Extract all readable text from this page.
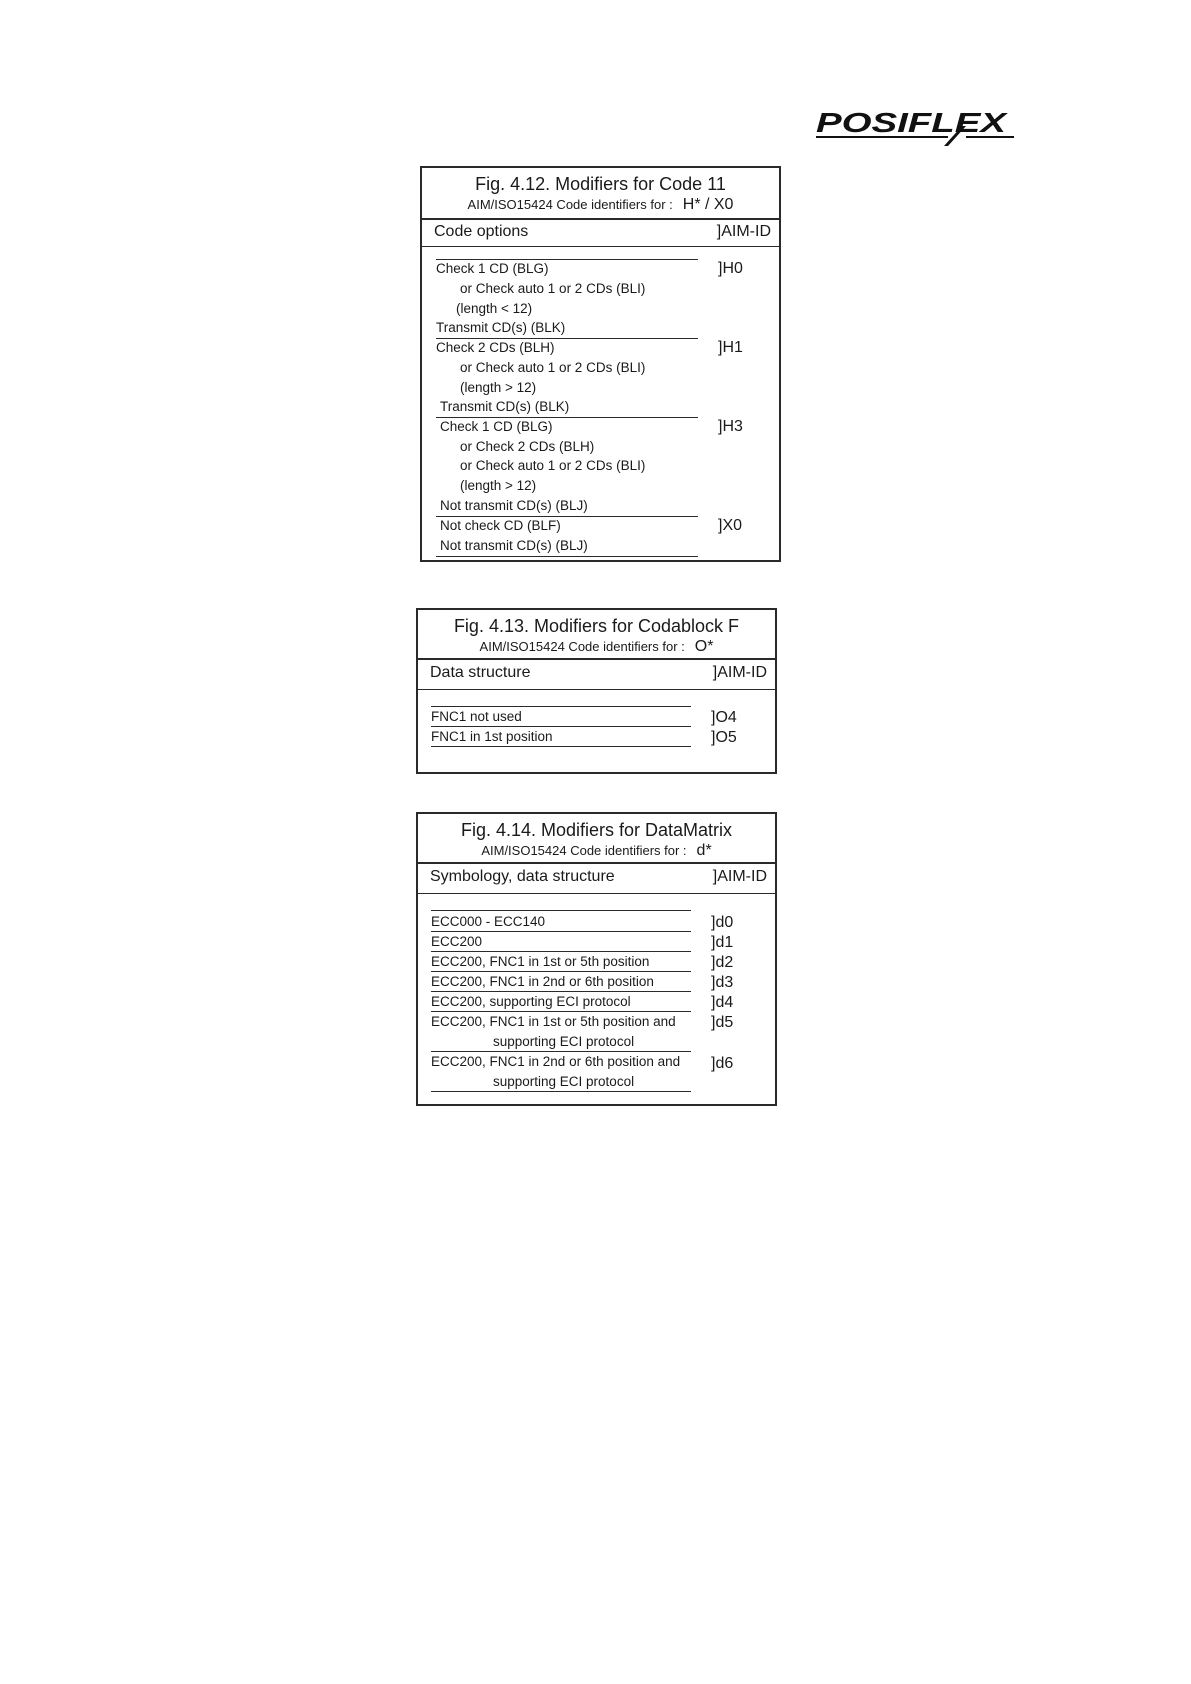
POSIFLEX
Fig. 4.12. Modifiers for Code 11
AIM/ISO15424 Code identifiers for : H* / X0
Code options	]AIM-ID
Check 1 CD (BLG)
or Check auto 1 or 2 CDs (BLI)
(length < 12)
Transmit CD(s) (BLK)
]H0
Check 2 CDs (BLH)
or Check auto 1 or 2 CDs (BLI)
(length > 12)
Transmit CD(s) (BLK)
]H1
Check 1 CD (BLG)
or Check 2 CDs (BLH)
or Check auto 1 or 2 CDs (BLI)
(length > 12)
Not transmit CD(s) (BLJ)
]H3
Not check CD (BLF)
Not transmit CD(s) (BLJ)
]X0
Fig. 4.13. Modifiers for Codablock F
AIM/ISO15424 Code identifiers for : O*
Data structure	]AIM-ID
FNC1 not used	]O4
FNC1 in 1st position	]O5
Fig. 4.14. Modifiers for DataMatrix
AIM/ISO15424 Code identifiers for : d*
Symbology, data structure	]AIM-ID
ECC000 - ECC140	]d0
ECC200	]d1
ECC200, FNC1 in 1st or 5th position	]d2
ECC200, FNC1 in 2nd or 6th position	]d3
ECC200, supporting ECI protocol	]d4
ECC200, FNC1 in 1st or 5th position and
supporting ECI protocol
]d5
ECC200, FNC1 in 2nd or 6th position and
supporting ECI protocol
]d6
